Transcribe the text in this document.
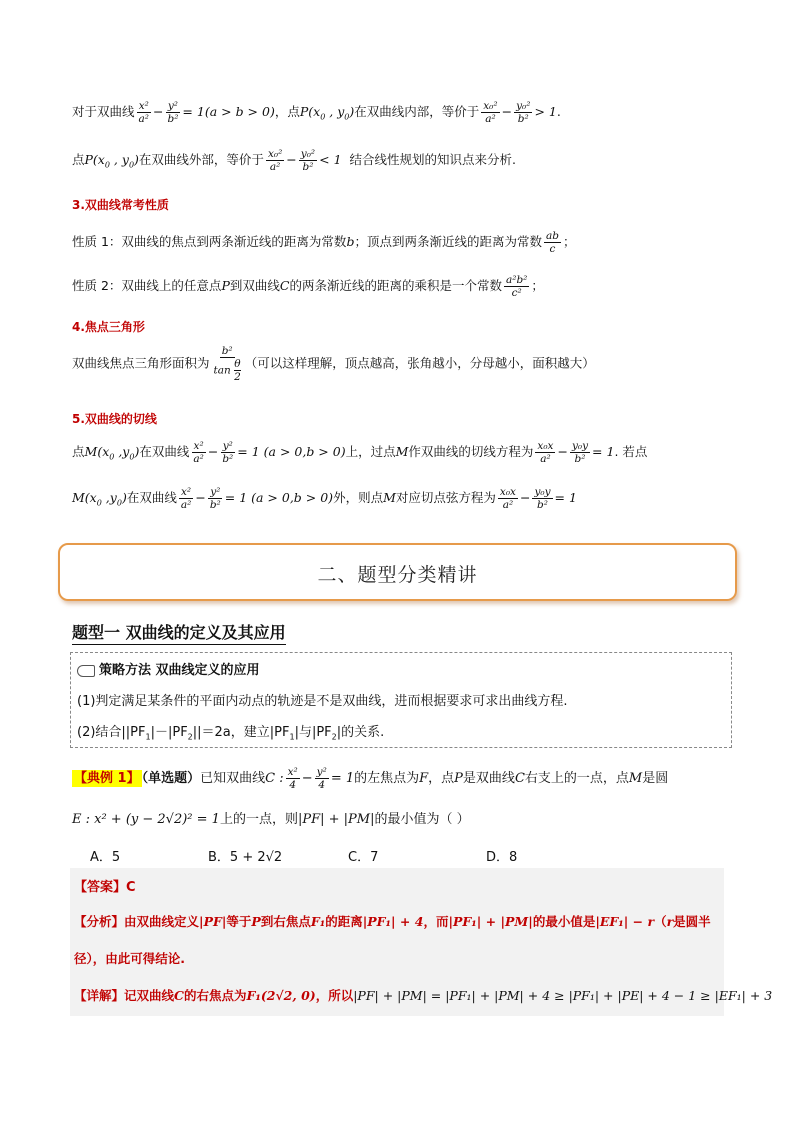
对于双曲线 $\frac{\text{x²}}{\text{a²}} - \frac{\text{y²}}{\text{b²}} = 1(a > b > 0)$，点$P(x_0$ , $y_0$)在双曲线内部，等价于 $\frac{\text{x₀²}}{\text{a²}} - \frac{\text{y₀²}}{\text{b²}} > 1$.
点$P(x_0$ , $y_0$)在双曲线外部，等价于 $\frac{\text{x₀²}}{\text{a²}} - \frac{\text{y₀²}}{\text{b²}} < 1$ 结合线性规划的知识点来分析.
3.双曲线常考性质
性质 1：双曲线的焦点到两条渐近线的距离为常数b；顶点到两条渐近线的距离为常数 $\frac{ab}{c}$ ；
性质 2：双曲线上的任意点P到双曲线C的两条渐近线的距离的乘积是一个常数 $\frac{\text{a²b²}}{\text{c²}}$ ；
4.焦点三角形
双曲线焦点三角形面积为 $\frac{\text{b²}}{\tan \frac{\theta}{2}}$ （可以这样理解，顶点越高，张角越小，分母越小，面积越大）
5.双曲线的切线
点$M(x_0$ $,y_0$)在双曲线 $\frac{\text{x²}}{\text{a²}} - \frac{\text{y²}}{\text{b²}} = 1$ (a > 0,b > 0)上，过点M作双曲线的切线方程为 $\frac{\text{x₀x}}{\text{a²}} - \frac{\text{y₀y}}{\text{b²}} = 1$. 若点
$M(x_0$ $,y_0$)在双曲线 $\frac{\text{x²}}{\text{a²}} - \frac{\text{y²}}{\text{b²}} = 1$ (a > 0,b > 0)外，则点M对应切点弦方程为 $\frac{\text{x₀x}}{\text{a²}} - \frac{\text{y₀y}}{\text{b²}} = 1$
二、题型分类精讲
题型一 双曲线的定义及其应用
策略方法 双曲线定义的应用
(1)判定满足某条件的平面内动点的轨迹是不是双曲线，进而根据要求可求出曲线方程.
(2)结合$||PF_1|-|PF_2||=2a$，建立$|PF_1|$与$|PF_2|$的关系.
【典例 1】 （单选题）已知双曲线C : $\frac{\text{x²}}{4} - \frac{\text{y²}}{4} = 1$的左焦点为F，点P是双曲线C右支上的一点，点M是圆
E : x² + (y − 2√2)² = 1上的一点，则|PF| + |PM|的最小值为（ ）
A．5	B．5 + 2√2	C．7	D．8
【答案】C
【分析】由双曲线定义|PF|等于P到右焦点F₁的距离|PF₁| + 4，而|PF₁| + |PM|的最小值是|EF₁| − r（r是圆半
径），由此可得结论.
【详解】记双曲线C的右焦点为F₁(2√2, 0)，所以|PF| + |PM| = |PF₁| + |PM| + 4 ≥ |PF₁| + |PE| + 4 − 1 ≥ |EF₁| + 3
